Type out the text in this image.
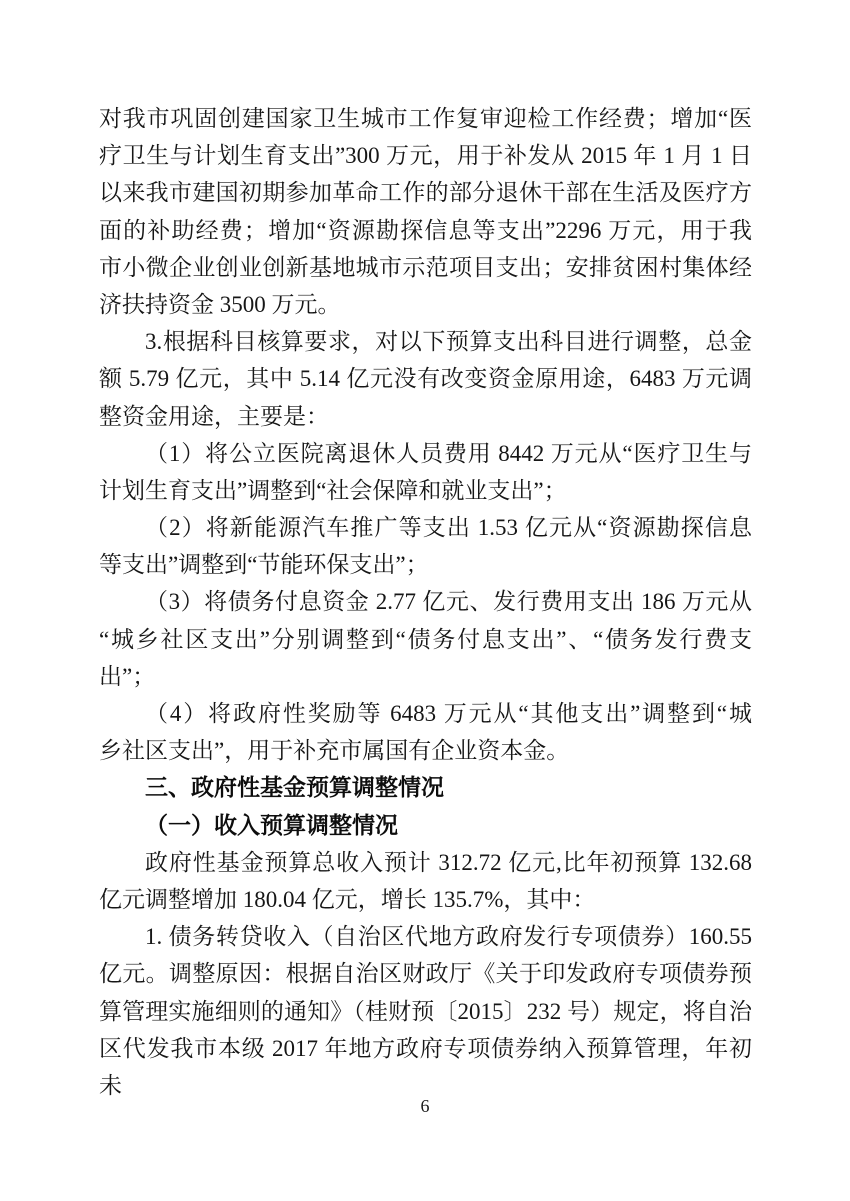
对我市巩固创建国家卫生城市工作复审迎检工作经费；增加“医
疗卫生与计划生育支出”300 万元，用于补发从 2015 年 1 月 1 日
以来我市建国初期参加革命工作的部分退休干部在生活及医疗方
面的补助经费；增加“资源勘探信息等支出”2296 万元，用于我
市小微企业创业创新基地城市示范项目支出；安排贫困村集体经
济扶持资金 3500 万元。
3.根据科目核算要求，对以下预算支出科目进行调整，总金
额 5.79 亿元，其中 5.14 亿元没有改变资金原用途，6483 万元调
整资金用途，主要是：
（1）将公立医院离退休人员费用 8442 万元从“医疗卫生与
计划生育支出”调整到“社会保障和就业支出”；
（2）将新能源汽车推广等支出 1.53 亿元从“资源勘探信息
等支出”调整到“节能环保支出”；
（3）将债务付息资金 2.77 亿元、发行费用支出 186 万元从
“城乡社区支出”分别调整到“债务付息支出”、“债务发行费支
出”；
（4）将政府性奖励等 6483 万元从“其他支出”调整到“城
乡社区支出”，用于补充市属国有企业资本金。
三、政府性基金预算调整情况
（一）收入预算调整情况
政府性基金预算总收入预计 312.72 亿元,比年初预算 132.68
亿元调整增加 180.04 亿元，增长 135.7%，其中：
1. 债务转贷收入（自治区代地方政府发行专项债券）160.55
亿元。调整原因：根据自治区财政厅《关于印发政府专项债券预
算管理实施细则的通知》（桂财预〔2015〕232 号）规定，将自治
区代发我市本级 2017 年地方政府专项债券纳入预算管理，年初未
6
